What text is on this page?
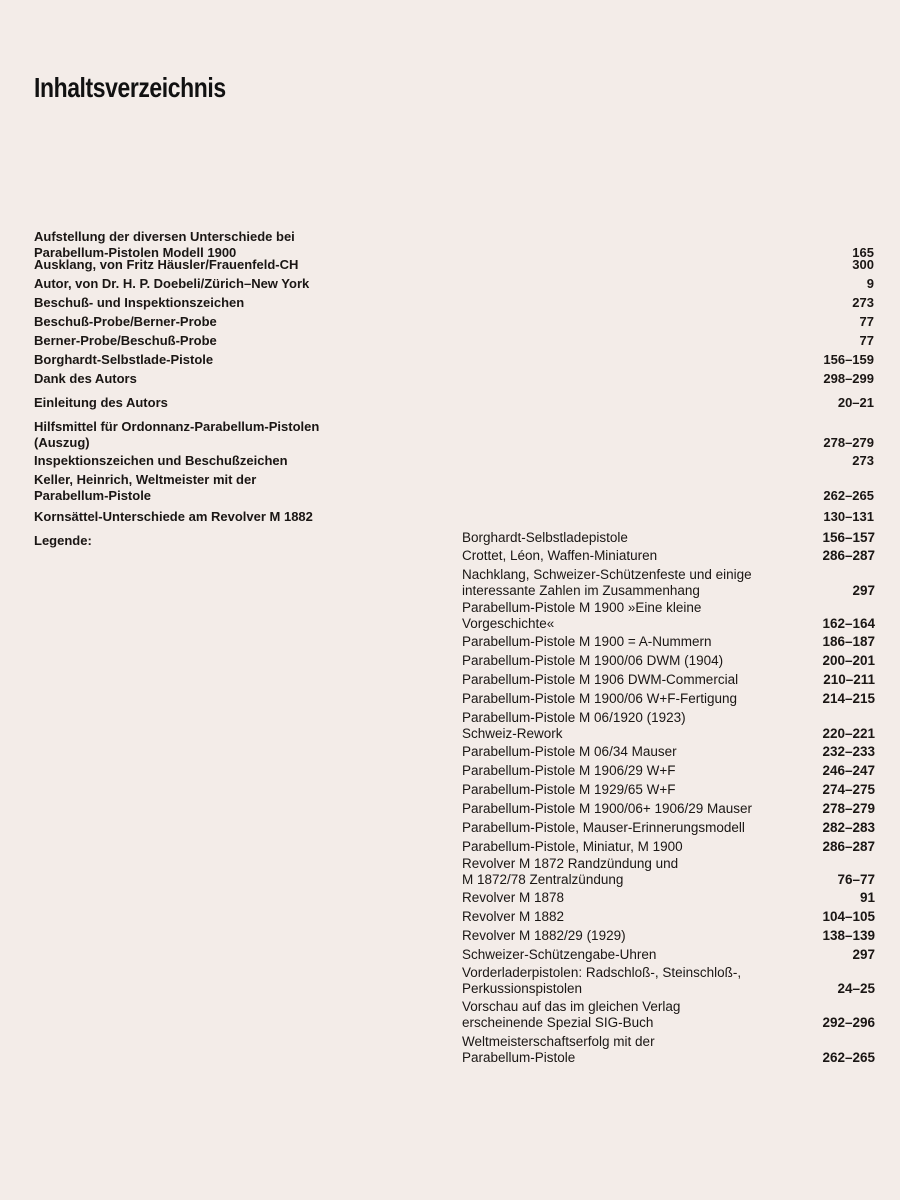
Inhaltsverzeichnis
Legende:
Aufstellung der diversen Unterschiede bei
Parabellum-Pistolen Modell 1900	165
Ausklang, von Fritz Häusler/Frauenfeld-CH	300
Autor, von Dr. H. P. Doebeli/Zürich–New York	9
Beschuß- und Inspektionszeichen	273
Beschuß-Probe/Berner-Probe	77
Berner-Probe/Beschuß-Probe	77
Borghardt-Selbstlade-Pistole	156–159
Dank des Autors	298–299
Einleitung des Autors	20–21
Hilfsmittel für Ordonnanz-Parabellum-Pistolen
(Auszug)	278–279
Inspektionszeichen und Beschußzeichen	273
Keller, Heinrich, Weltmeister mit der
Parabellum-Pistole	262–265
Kornsättel-Unterschiede am Revolver M 1882	130–131
Borghardt-Selbstladepistole	156–157
Crottet, Léon, Waffen-Miniaturen	286–287
Nachklang, Schweizer-Schützenfeste und einige
interessante Zahlen im Zusammenhang	297
Parabellum-Pistole M 1900 »Eine kleine
Vorgeschichte«	162–164
Parabellum-Pistole M 1900 = A-Nummern	186–187
Parabellum-Pistole M 1900/06 DWM (1904)	200–201
Parabellum-Pistole M 1906 DWM-Commercial	210–211
Parabellum-Pistole M 1900/06 W+F-Fertigung	214–215
Parabellum-Pistole M 06/1920 (1923)
Schweiz-Rework	220–221
Parabellum-Pistole M 06/34 Mauser	232–233
Parabellum-Pistole M 1906/29 W+F	246–247
Parabellum-Pistole M 1929/65 W+F	274–275
Parabellum-Pistole M 1900/06+ 1906/29 Mauser	278–279
Parabellum-Pistole, Mauser-Erinnerungsmodell	282–283
Parabellum-Pistole, Miniatur, M 1900	286–287
Revolver M 1872 Randzündung und
M 1872/78 Zentralzündung	76–77
Revolver M 1878	91
Revolver M 1882	104–105
Revolver M 1882/29 (1929)	138–139
Schweizer-Schützengabe-Uhren	297
Vorderladerpistolen: Radschloß-, Steinschloß-,
Perkussionspistolen	24–25
Vorschau auf das im gleichen Verlag
erscheinende Spezial SIG-Buch	292–296
Weltmeisterschaftserfolg mit der
Parabellum-Pistole	262–265
